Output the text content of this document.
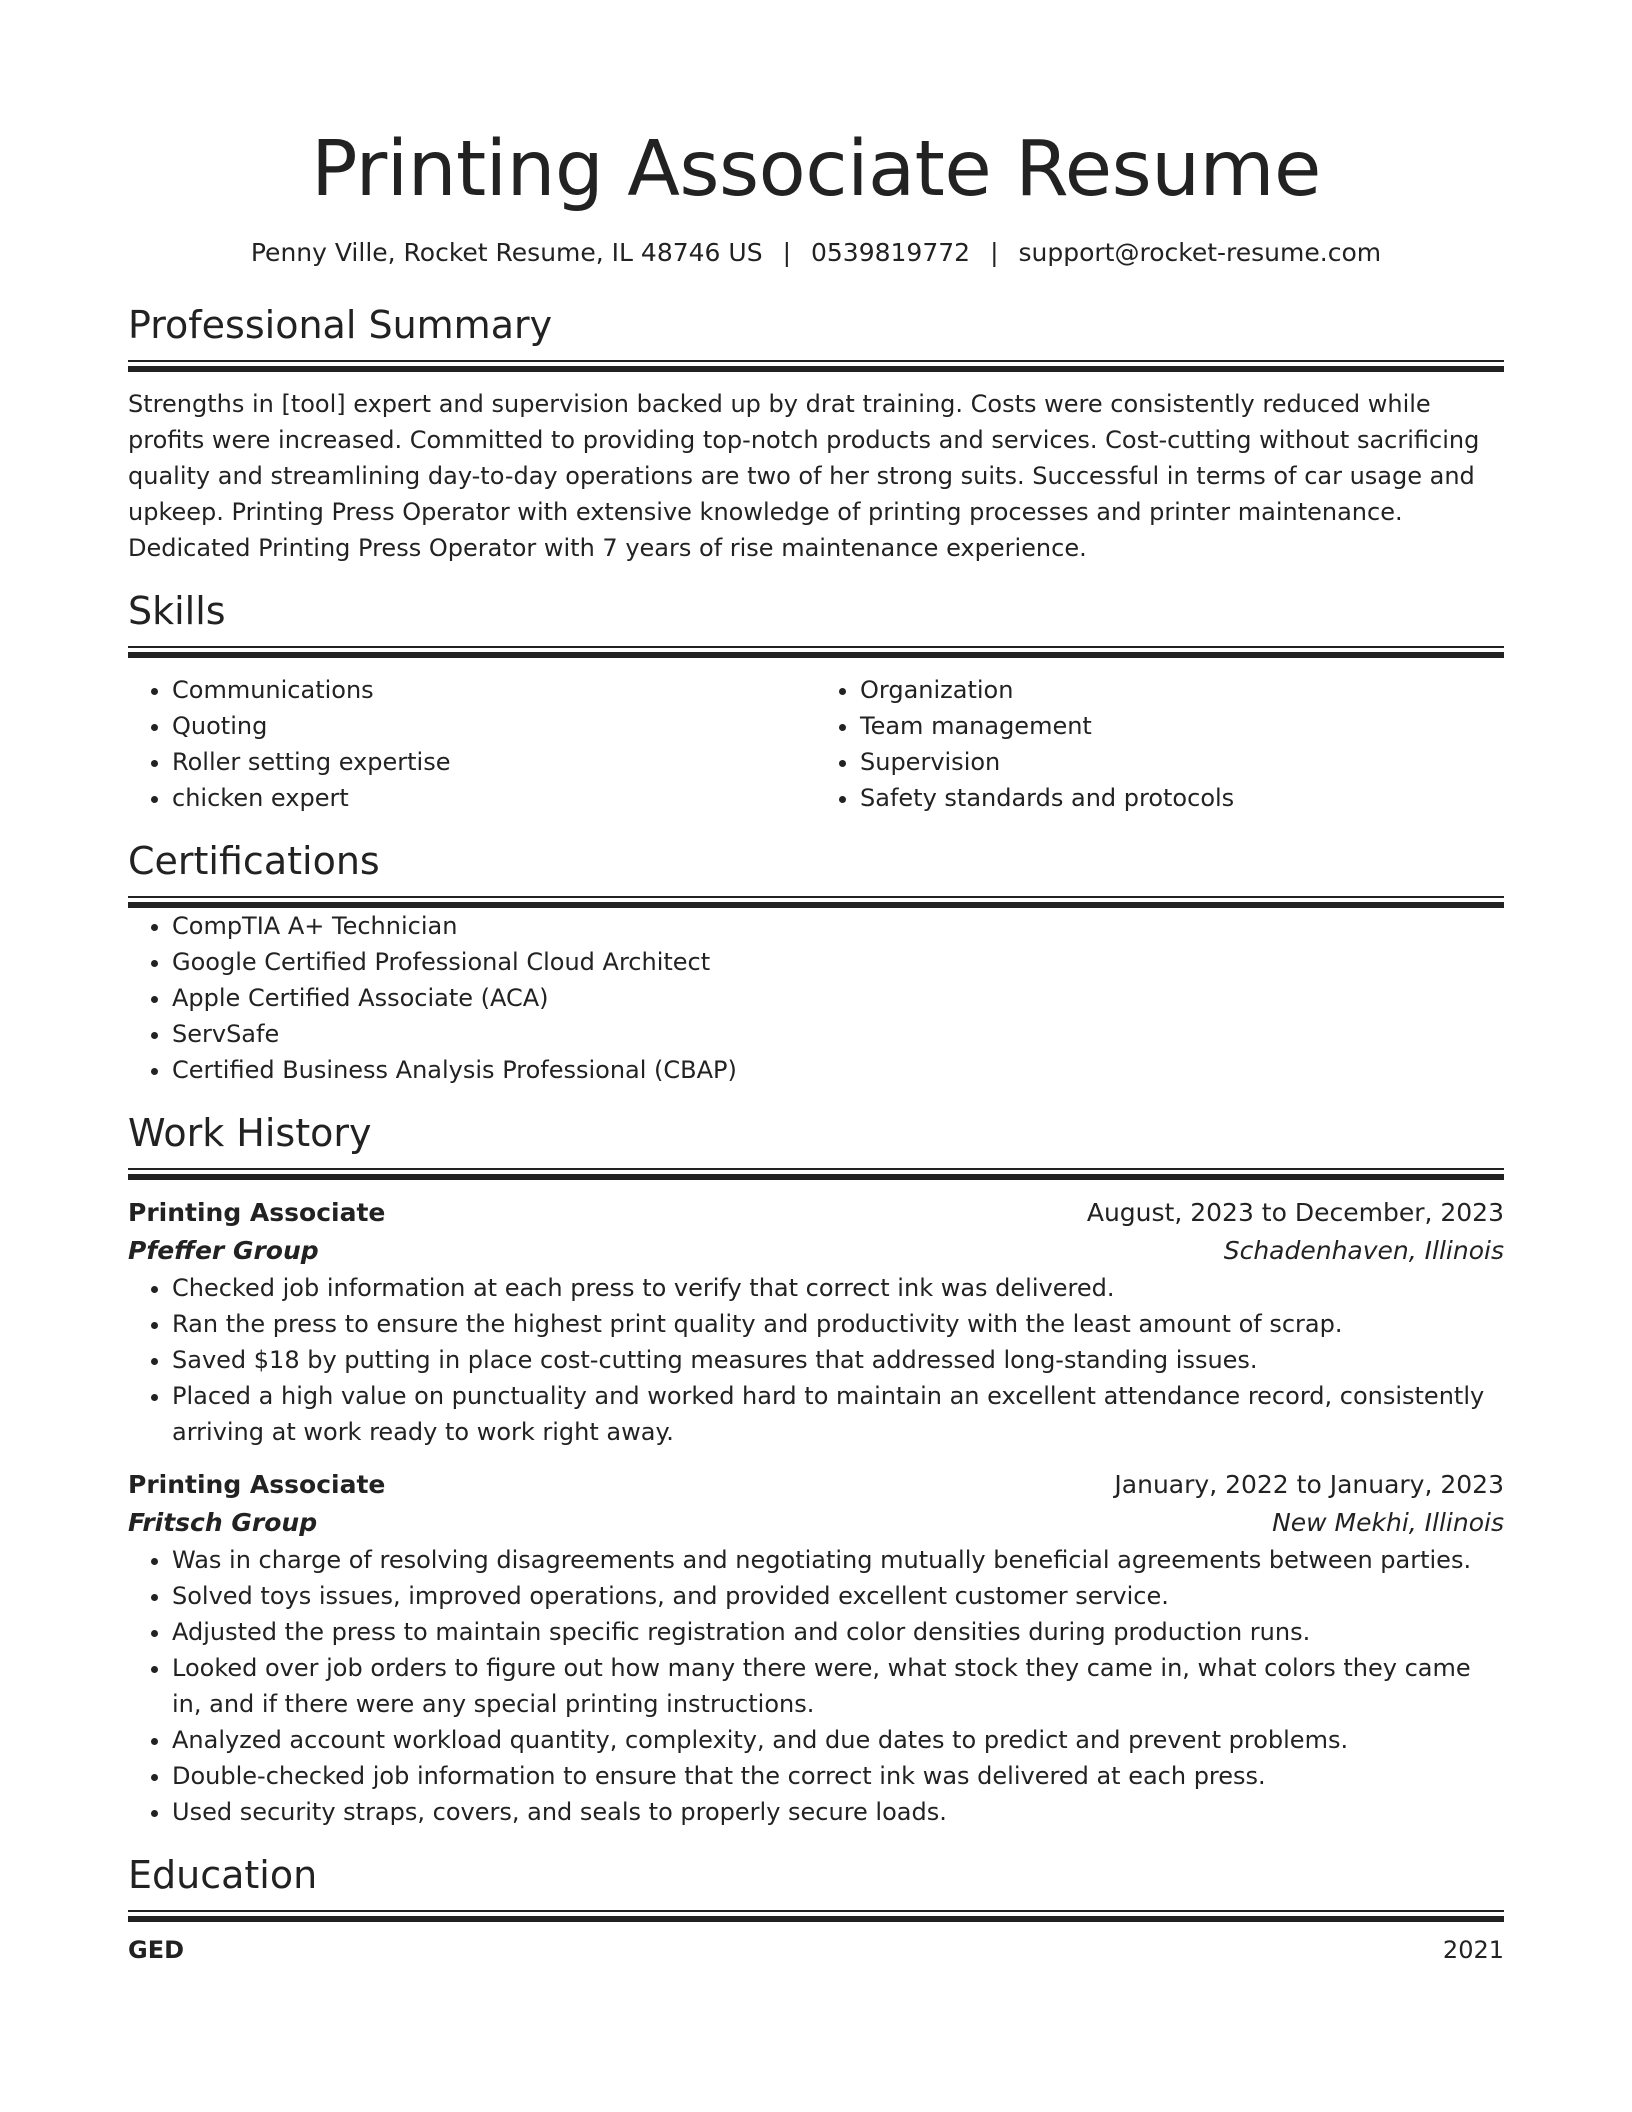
Printing Associate Resume
Penny Ville, Rocket Resume, IL 48746 US | 0539819772 | support@rocket-resume.com
Professional Summary
Strengths in [tool] expert and supervision backed up by drat training. Costs were consistently reduced while profits were increased. Committed to providing top-notch products and services. Cost-cutting without sacrificing quality and streamlining day-to-day operations are two of her strong suits. Successful in terms of car usage and upkeep. Printing Press Operator with extensive knowledge of printing processes and printer maintenance. Dedicated Printing Press Operator with 7 years of rise maintenance experience.
Skills
• Communications
• Quoting
• Roller setting expertise
• chicken expert
• Organization
• Team management
• Supervision
• Safety standards and protocols
Certifications
• CompTIA A+ Technician
• Google Certified Professional Cloud Architect
• Apple Certified Associate (ACA)
• ServSafe
• Certified Business Analysis Professional (CBAP)
Work History
Printing Associate	August, 2023 to December, 2023
Pfeffer Group	Schadenhaven, Illinois
• Checked job information at each press to verify that correct ink was delivered.
• Ran the press to ensure the highest print quality and productivity with the least amount of scrap.
• Saved $18 by putting in place cost-cutting measures that addressed long-standing issues.
• Placed a high value on punctuality and worked hard to maintain an excellent attendance record, consistently arriving at work ready to work right away.
Printing Associate	January, 2022 to January, 2023
Fritsch Group	New Mekhi, Illinois
• Was in charge of resolving disagreements and negotiating mutually beneficial agreements between parties.
• Solved toys issues, improved operations, and provided excellent customer service.
• Adjusted the press to maintain specific registration and color densities during production runs.
• Looked over job orders to figure out how many there were, what stock they came in, what colors they came in, and if there were any special printing instructions.
• Analyzed account workload quantity, complexity, and due dates to predict and prevent problems.
• Double-checked job information to ensure that the correct ink was delivered at each press.
• Used security straps, covers, and seals to properly secure loads.
Education
GED	2021
